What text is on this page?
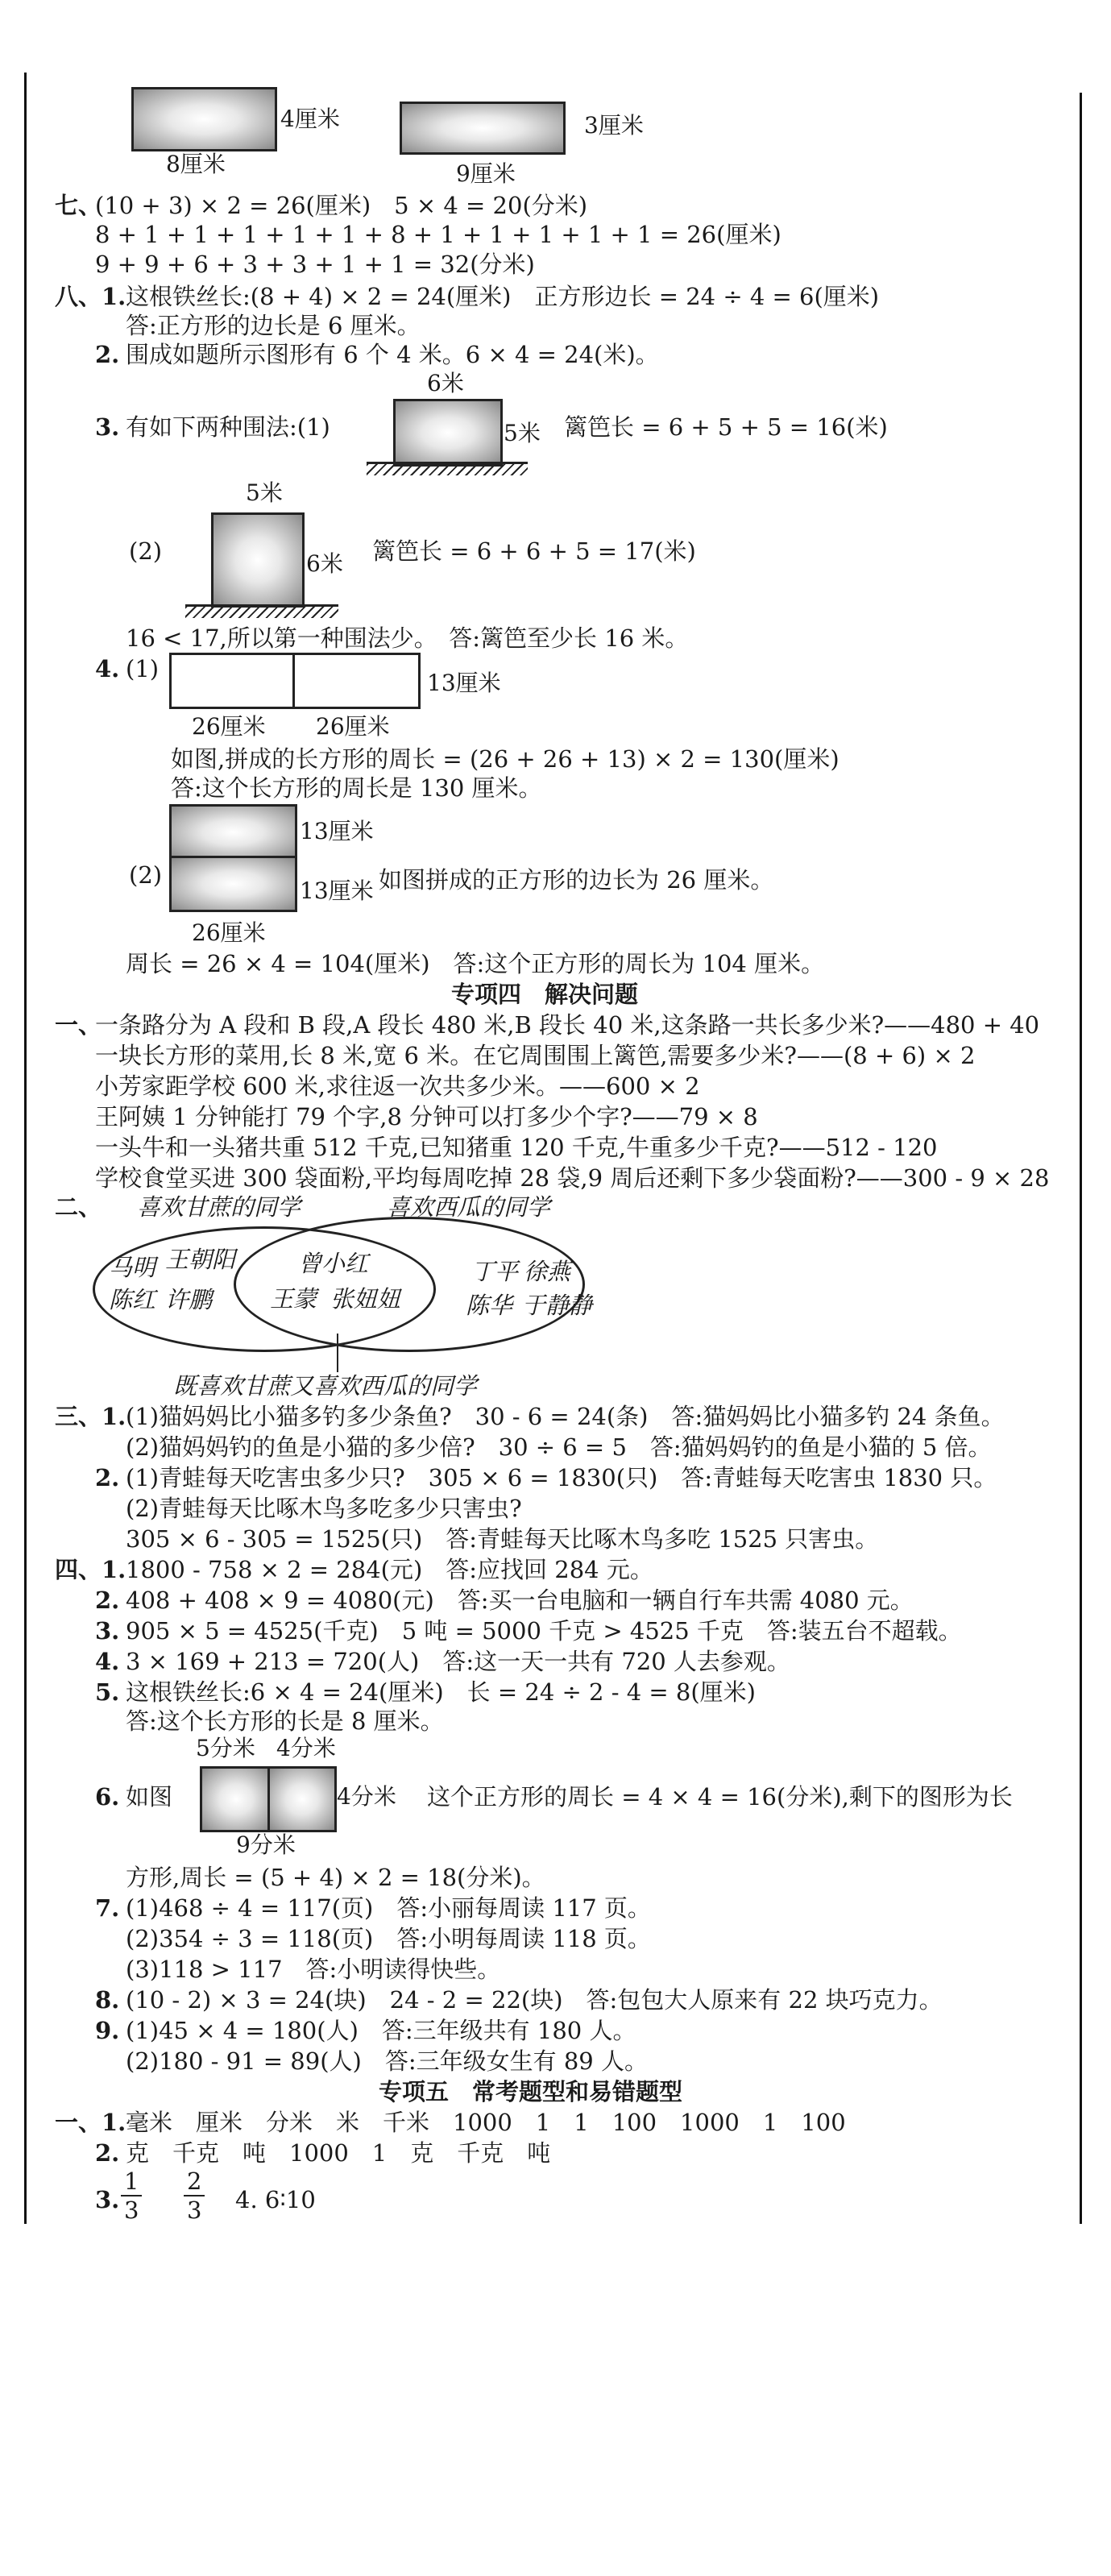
4厘米
8厘米
3厘米
9厘米
七、
(10 + 3) × 2 = 26(厘米)　5 × 4 = 20(分米)
8 + 1 + 1 + 1 + 1 + 1 + 8 + 1 + 1 + 1 + 1 + 1 = 26(厘米)
9 + 9 + 6 + 3 + 3 + 1 + 1 = 32(分米)
八、1. 这根铁丝长:(8 + 4) × 2 = 24(厘米)　正方形边长 = 24 ÷ 4 = 6(厘米)
答:正方形的边长是 6 厘米。
2. 围成如题所示图形有 6 个 4 米。6 × 4 = 24(米)。
6米
3. 有如下两种围法:(1)	5米 篱笆长 = 6 + 5 + 5 = 16(米)
5米
(2)	6米 篱笆长 = 6 + 6 + 5 = 17(米)
16 < 17,所以第一种围法少。　答:篱笆至少长 16 米。
4. (1)
13厘米
26厘米 26厘米
如图,拼成的长方形的周长 = (26 + 26 + 13) × 2 = 130(厘米)
答:这个长方形的周长是 130 厘米。
13厘米
13厘米
(2)	如图拼成的正方形的边长为 26 厘米。
26厘米
周长 = 26 × 4 = 104(厘米)　答:这个正方形的周长为 104 厘米。
专项四　解决问题
一、
一条路分为 A 段和 B 段,A 段长 480 米,B 段长 40 米,这条路一共长多少米?——480 + 40
一块长方形的菜用,长 8 米,宽 6 米。在它周围围上篱笆,需要多少米?——(8 + 6) × 2
小芳家距学校 600 米,求往返一次共多少米。——600 × 2
王阿姨 1 分钟能打 79 个字,8 分钟可以打多少个字?——79 × 8
一头牛和一头猪共重 512 千克,已知猪重 120 千克,牛重多少千克?——512 - 120
学校食堂买进 300 袋面粉,平均每周吃掉 28 袋,9 周后还剩下多少袋面粉?——300 - 9 × 28
二、 喜欢甘蔗的同学	喜欢西瓜的同学
马明 王朝阳
陈红 许鹏
曾小红
王蒙 张妞妞
丁平 徐燕
陈华 于静静
既喜欢甘蔗又喜欢西瓜的同学
三、1. (1)猫妈妈比小猫多钓多少条鱼?　30 - 6 = 24(条)　答:猫妈妈比小猫多钓 24 条鱼。
(2)猫妈妈钓的鱼是小猫的多少倍?　30 ÷ 6 = 5　答:猫妈妈钓的鱼是小猫的 5 倍。
2. (1)青蛙每天吃害虫多少只?　305 × 6 = 1830(只)　答:青蛙每天吃害虫 1830 只。
(2)青蛙每天比啄木鸟多吃多少只害虫?
305 × 6 - 305 = 1525(只)　答:青蛙每天比啄木鸟多吃 1525 只害虫。
四、1. 1800 - 758 × 2 = 284(元)　答:应找回 284 元。
2. 408 + 408 × 9 = 4080(元)　答:买一台电脑和一辆自行车共需 4080 元。
3. 905 × 5 = 4525(千克)　5 吨 = 5000 千克 > 4525 千克　答:装五台不超载。
4. 3 × 169 + 213 = 720(人)　答:这一天一共有 720 人去参观。
5. 这根铁丝长:6 × 4 = 24(厘米)　长 = 24 ÷ 2 - 4 = 8(厘米)
答:这个长方形的长是 8 厘米。
5分米 4分米
4分米
9分米
6. 如图	这个正方形的周长 = 4 × 4 = 16(分米),剩下的图形为长
方形,周长 = (5 + 4) × 2 = 18(分米)。
7. (1)468 ÷ 4 = 117(页)　答:小丽每周读 117 页。
(2)354 ÷ 3 = 118(页)　答:小明每周读 118 页。
(3)118 > 117　答:小明读得快些。
8. (10 - 2) × 3 = 24(块)　24 - 2 = 22(块)　答:包包大人原来有 22 块巧克力。
9. (1)45 × 4 = 180(人)　答:三年级共有 180 人。
(2)180 - 91 = 89(人)　答:三年级女生有 89 人。
专项五　常考题型和易错题型
一、1. 毫米　厘米　分米　米　千米　1000　1　1　100　1000　1　100
2. 克　千克　吨　1000　1　克　千克　吨
3. $\frac{1}{3} \frac{2}{3} 4$. 6∶10
